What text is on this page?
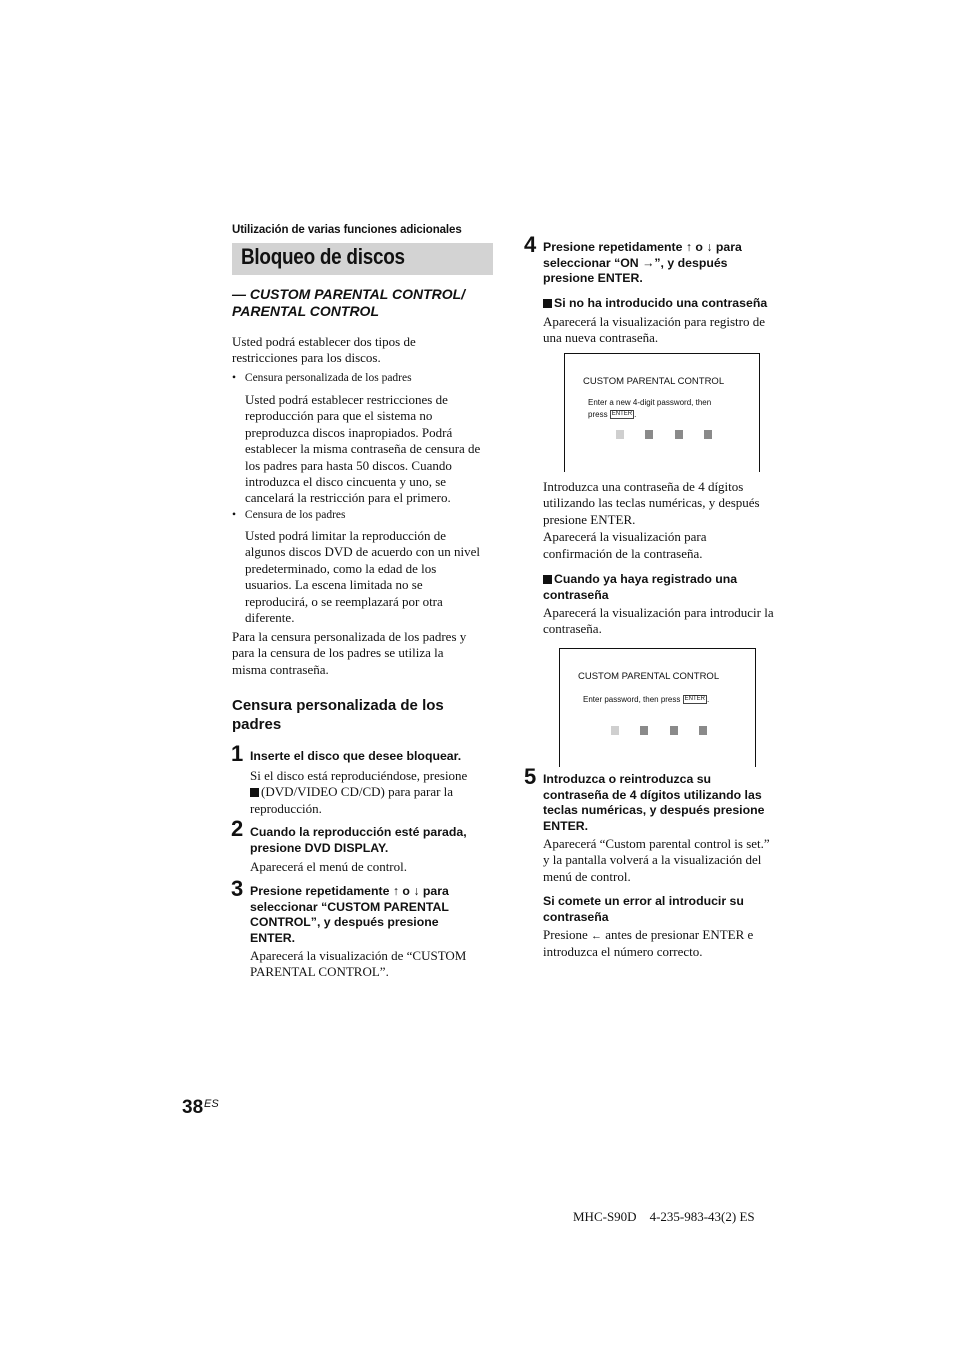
Utilización de varias funciones adicionales
Bloqueo de discos
— CUSTOM PARENTAL CONTROL/
PARENTAL CONTROL
Usted podrá establecer dos tipos de
restricciones para los discos.
• Censura personalizada de los padres
Usted podrá establecer restricciones de
reproducción para que el sistema no
preproduzca discos inapropiados. Podrá
establecer la misma contraseña de censura de
los padres para hasta 50 discos. Cuando
introduzca el disco cincuenta y uno, se
cancelará la restricción para el primero.
• Censura de los padres
Usted podrá limitar la reproducción de
algunos discos DVD de acuerdo con un nivel
predeterminado, como la edad de los
usuarios. La escena limitada no se
reproducirá, o se reemplazará por otra
diferente.
Para la censura personalizada de los padres y
para la censura de los padres se utiliza la
misma contraseña.
Censura personalizada de los
padres
1 Inserte el disco que desee bloquear.
Si el disco está reproduciéndose, presione
(DVD/VIDEO CD/CD) para parar la
reproducción.
2 Cuando la reproducción esté parada,
presione DVD DISPLAY.
Aparecerá el menú de control.
3 Presione repetidamente ↑ o ↓ para
seleccionar “CUSTOM PARENTAL
CONTROL”, y después presione
ENTER.
Aparecerá la visualización de “CUSTOM
PARENTAL CONTROL”.
4 Presione repetidamente ↑ o ↓ para
seleccionar “ON →”, y después
presione ENTER.
Si no ha introducido una contraseña
Aparecerá la visualización para registro de
una nueva contraseña.
CUSTOM PARENTAL CONTROL
Enter a new 4-digit password, then
press ENTER .
Introduzca una contraseña de 4 dígitos
utilizando las teclas numéricas, y después
presione ENTER.
Aparecerá la visualización para
confirmación de la contraseña.
Cuando ya haya registrado una
contraseña
Aparecerá la visualización para introducir la
contraseña.
CUSTOM PARENTAL CONTROL
Enter password, then press ENTER .
5 Introduzca o reintroduzca su
contraseña de 4 dígitos utilizando las
teclas numéricas, y después presione
ENTER.
Aparecerá “Custom parental control is set.”
y la pantalla volverá a la visualización del
menú de control.
Si comete un error al introducir su
contraseña
Presione ← antes de presionar ENTER e
introduzca el número correcto.
38 ES
MHC-S90D    4-235-983-43(2) ES
